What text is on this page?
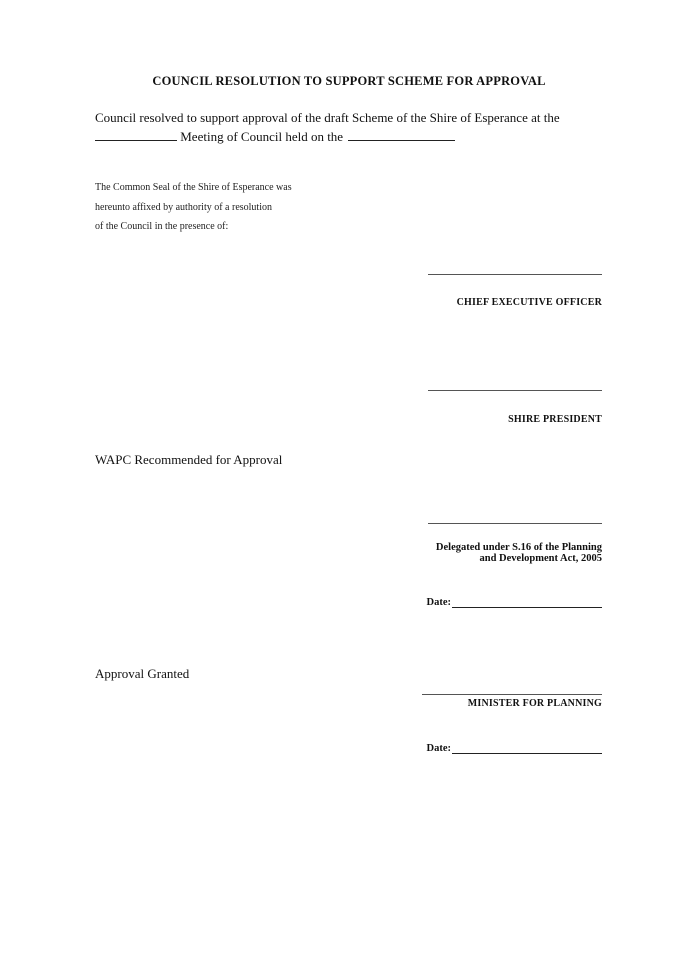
COUNCIL RESOLUTION TO SUPPORT SCHEME FOR APPROVAL

Council resolved to support approval of the draft Scheme of the Shire of Esperance at the

Meeting of Council held on the
The Common Seal of the Shire of Esperance was
hereunto affixed by authority of a resolution
of the Council in the presence of:

CHIEF EXECUTIVE OFFICER

SHIRE PRESIDENT

WAPC Recommended for Approval

Delegated under S.16 of the Planning
and Development Act, 2005
Date:

Approval Granted

MINISTER FOR PLANNING

Date:
